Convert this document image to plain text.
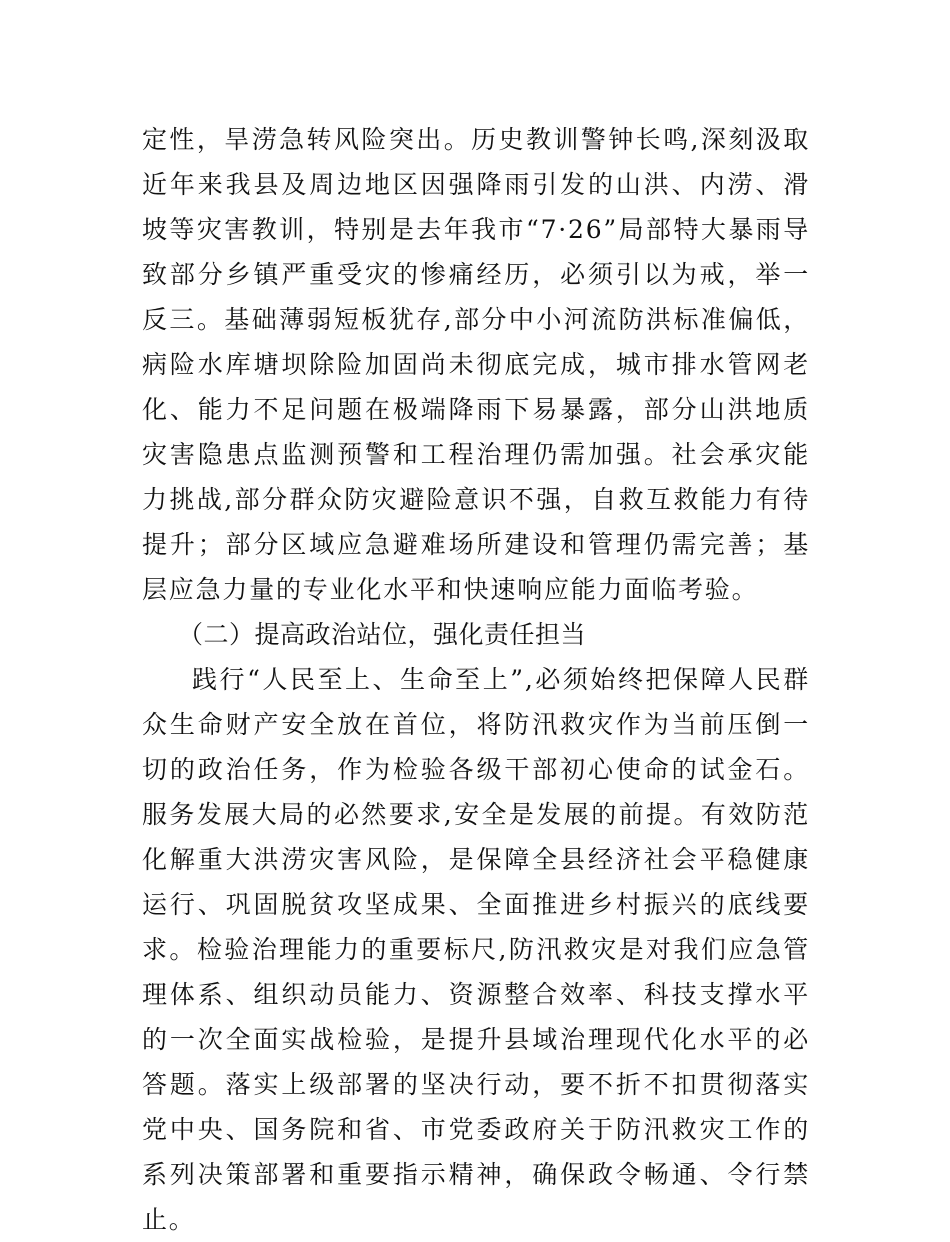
定性，旱涝急转风险突出。历史教训警钟长鸣,深刻汲取近年来我县及周边地区因强降雨引发的山洪、内涝、滑坡等灾害教训，特别是去年我市“7·26”局部特大暴雨导致部分乡镇严重受灾的惨痛经历，必须引以为戒，举一反三。基础薄弱短板犹存,部分中小河流防洪标准偏低，病险水库塘坝除险加固尚未彻底完成，城市排水管网老化、能力不足问题在极端降雨下易暴露，部分山洪地质灾害隐患点监测预警和工程治理仍需加强。社会承灾能力挑战,部分群众防灾避险意识不强，自救互救能力有待提升；部分区域应急避难场所建设和管理仍需完善；基层应急力量的专业化水平和快速响应能力面临考验。

（二）提高政治站位，强化责任担当

践行“人民至上、生命至上”,必须始终把保障人民群众生命财产安全放在首位，将防汛救灾作为当前压倒一切的政治任务，作为检验各级干部初心使命的试金石。服务发展大局的必然要求,安全是发展的前提。有效防范化解重大洪涝灾害风险，是保障全县经济社会平稳健康运行、巩固脱贫攻坚成果、全面推进乡村振兴的底线要求。检验治理能力的重要标尺,防汛救灾是对我们应急管理体系、组织动员能力、资源整合效率、科技支撑水平的一次全面实战检验，是提升县域治理现代化水平的必答题。落实上级部署的坚决行动，要不折不扣贯彻落实党中央、国务院和省、市党委政府关于防汛救灾工作的系列决策部署和重要指示精神，确保政令畅通、令行禁止。
